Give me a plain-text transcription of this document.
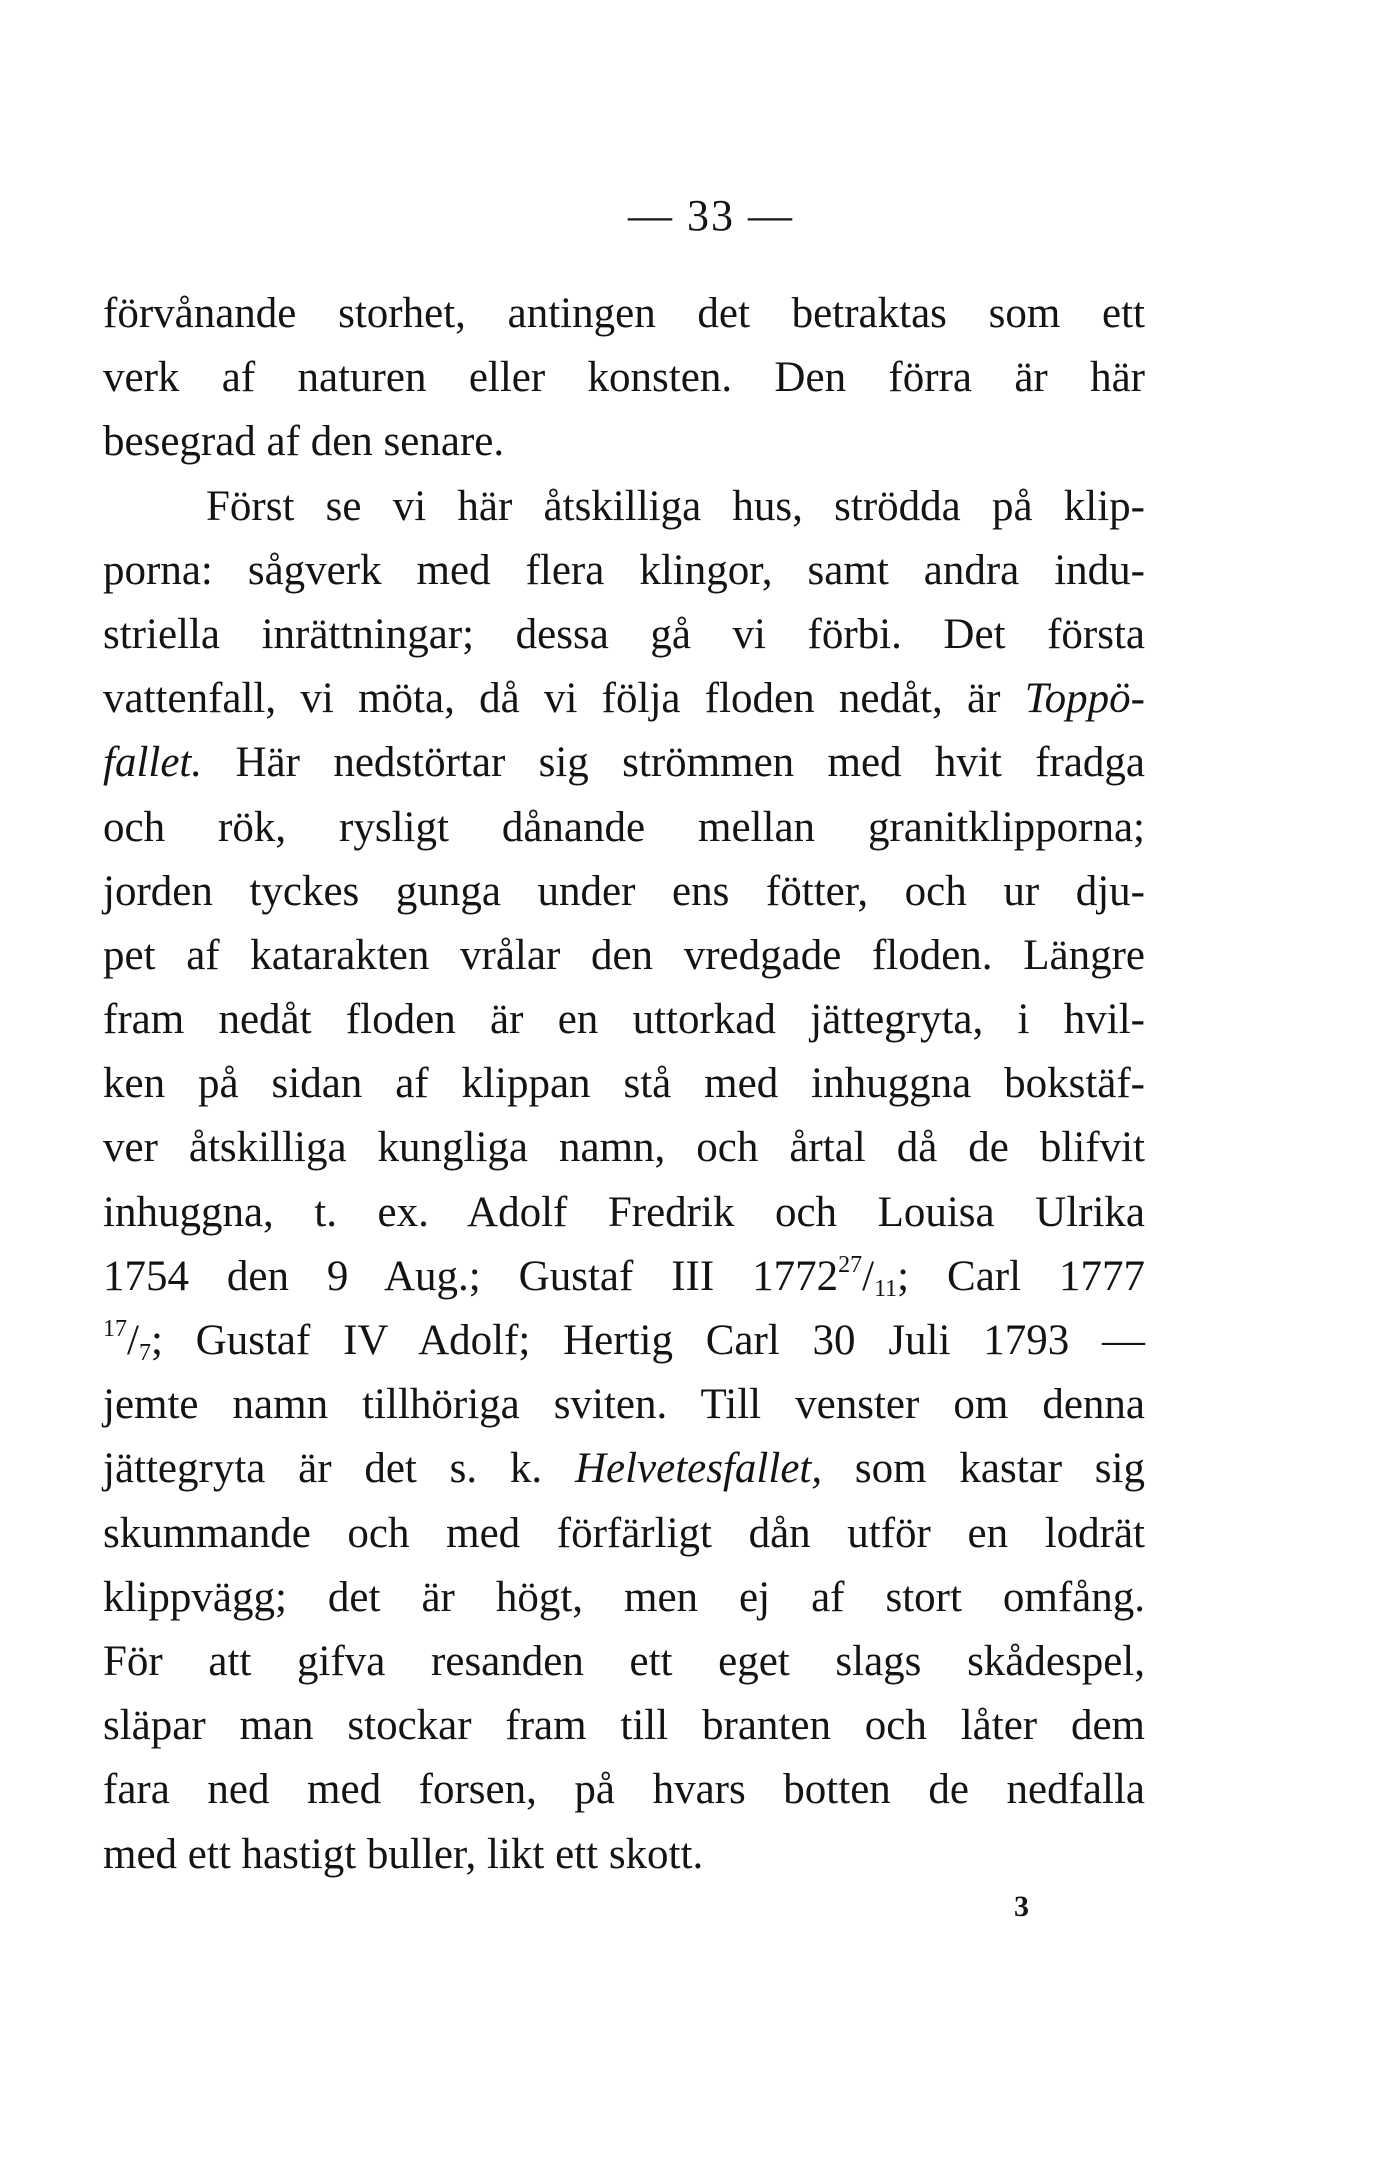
— 33 —
förvånande storhet, antingen det betraktas som ett
verk af naturen eller konsten. Den förra är här
besegrad af den senare.
Först se vi här åtskilliga hus, strödda på klip-
porna: sågverk med flera klingor, samt andra indu-
striella inrättningar; dessa gå vi förbi. Det första
vattenfall, vi möta, då vi följa floden nedåt, är Toppö-
fallet. Här nedstörtar sig strömmen med hvit fradga
och rök, rysligt dånande mellan granitklipporna;
jorden tyckes gunga under ens fötter, och ur dju-
pet af katarakten vrålar den vredgade floden. Längre
fram nedåt floden är en uttorkad jättegryta, i hvil-
ken på sidan af klippan stå med inhuggna bokstäf-
ver åtskilliga kungliga namn, och årtal då de blifvit
inhuggna, t. ex. Adolf Fredrik och Louisa Ulrika
1754 den 9 Aug.; Gustaf III $1772^{27}/_{11}$; Carl 1777
$^{17}/_7$; Gustaf IV Adolf; Hertig Carl 30 Juli 1793 —
jemte namn tillhöriga sviten. Till venster om denna
jättegryta är det s. k. Helvetesfallet, som kastar sig
skummande och med förfärligt dån utför en lodrät
klippvägg; det är högt, men ej af stort omfång.
För att gifva resanden ett eget slags skådespel,
släpar man stockar fram till branten och låter dem
fara ned med forsen, på hvars botten de nedfalla
med ett hastigt buller, likt ett skott.
3
